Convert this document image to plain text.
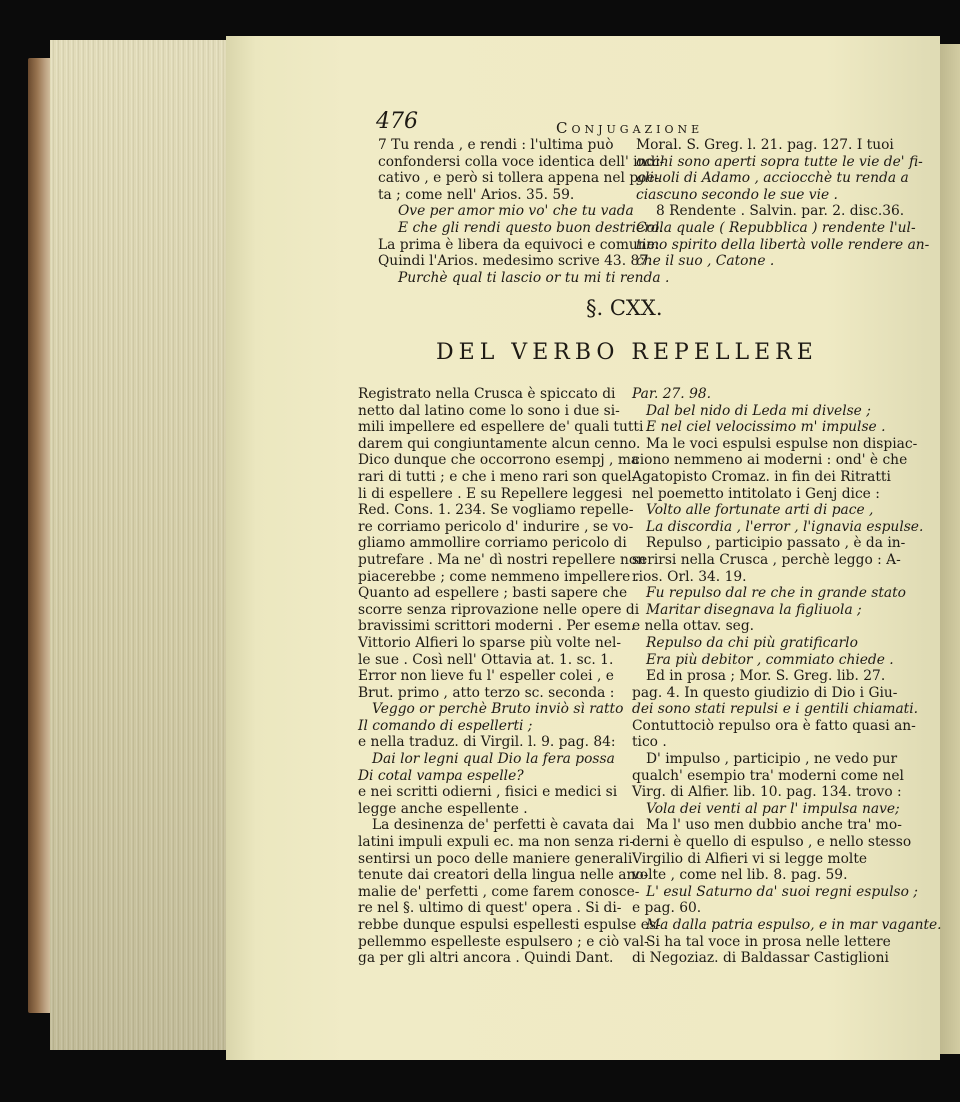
476	Conjugazione
7 Tu renda , e rendi : l'ultima può
confondersi colla voce identica dell' indi-
cativo , e però si tollera appena nel poe-
ta ; come nell' Arios. 35. 59.
Ove per amor mio vo' che tu vada
E che gli rendi questo buon destriero.
La prima è libera da equivoci e comune:
Quindi l'Arios. medesimo scrive 43. 87.
Purchè qual ti lascio or tu mi ti renda .
Moral. S. Greg. l. 21. pag. 127. I tuoi
occhi sono aperti sopra tutte le vie de' fi-
gliuoli di Adamo , acciocchè tu renda a
ciascuno secondo le sue vie .
8 Rendente . Salvin. par. 2. disc.36.
Colla quale ( Repubblica ) rendente l'ul-
timo spirito della libertà volle rendere an-
che il suo , Catone .
§. CXX.
DEL VERBO REPELLERE
Registrato nella Crusca è spiccato di
netto dal latino come lo sono i due si-
mili impellere ed espellere de' quali tutti
darem qui congiuntamente alcun cenno.
Dico dunque che occorrono esempj , ma
rari di tutti ; e che i meno rari son quel-
li di espellere . E su Repellere leggesi
Red. Cons. 1. 234. Se vogliamo repelle-
re corriamo pericolo d' indurire , se vo-
gliamo ammollire corriamo pericolo di
putrefare . Ma ne' dì nostri repellere non
piacerebbe ; come nemmeno impellere .
Quanto ad espellere ; basti sapere che
scorre senza riprovazione nelle opere di
bravissimi scrittori moderni . Per esem.
Vittorio Alfieri lo sparse più volte nel-
le sue . Così nell' Ottavia at. 1. sc. 1.
Error non lieve fu l' espeller colei , e
Brut. primo , atto terzo sc. seconda :
Veggo or perchè Bruto inviò sì ratto
Il comando di espellerti ;
e nella traduz. di Virgil. l. 9. pag. 84:
Dai lor legni qual Dio la fera possa
Di cotal vampa espelle?
e nei scritti odierni , fisici e medici si
legge anche espellente .
La desinenza de' perfetti è cavata dai
latini impuli expuli ec. ma non senza ri-
sentirsi un poco delle maniere generali
tenute dai creatori della lingua nelle ano-
malie de' perfetti , come farem conosce-
re nel §. ultimo di quest' opera . Si di-
rebbe dunque espulsi espellesti espulse es-
pellemmo espelleste espulsero ; e ciò val-
ga per gli altri ancora . Quindi Dant.
Par. 27. 98.
Dal bel nido di Leda mi divelse ;
E nel ciel velocissimo m' impulse .
Ma le voci espulsi espulse non dispiac-
ciono nemmeno ai moderni : ond' è che
Agatopisto Cromaz. in fin dei Ritratti
nel poemetto intitolato i Genj dice :
Volto alle fortunate arti di pace ,
La discordia , l'error , l'ignavia espulse.
Repulso , participio passato , è da in-
serirsi nella Crusca , perchè leggo : A-
rios. Orl. 34. 19.
Fu repulso dal re che in grande stato
Maritar disegnava la figliuola ;
e nella ottav. seg.
Repulso da chi più gratificarlo
Era più debitor , commiato chiede .
Ed in prosa ; Mor. S. Greg. lib. 27.
pag. 4. In questo giudizio di Dio i Giu-
dei sono stati repulsi e i gentili chiamati.
Contuttociò repulso ora è fatto quasi an-
tico .
D' impulso , participio , ne vedo pur
qualch' esempio tra' moderni come nel
Virg. di Alfier. lib. 10. pag. 134. trovo :
Vola dei venti al par l' impulsa nave;
Ma l' uso men dubbio anche tra' mo-
derni è quello di espulso , e nello stesso
Virgilio di Alfieri vi si legge molte
volte , come nel lib. 8. pag. 59.
L' esul Saturno da' suoi regni espulso ;
e pag. 60.
Ma dalla patria espulso, e in mar vagante.
Si ha tal voce in prosa nelle lettere
di Negoziaz. di Baldassar Castiglioni
